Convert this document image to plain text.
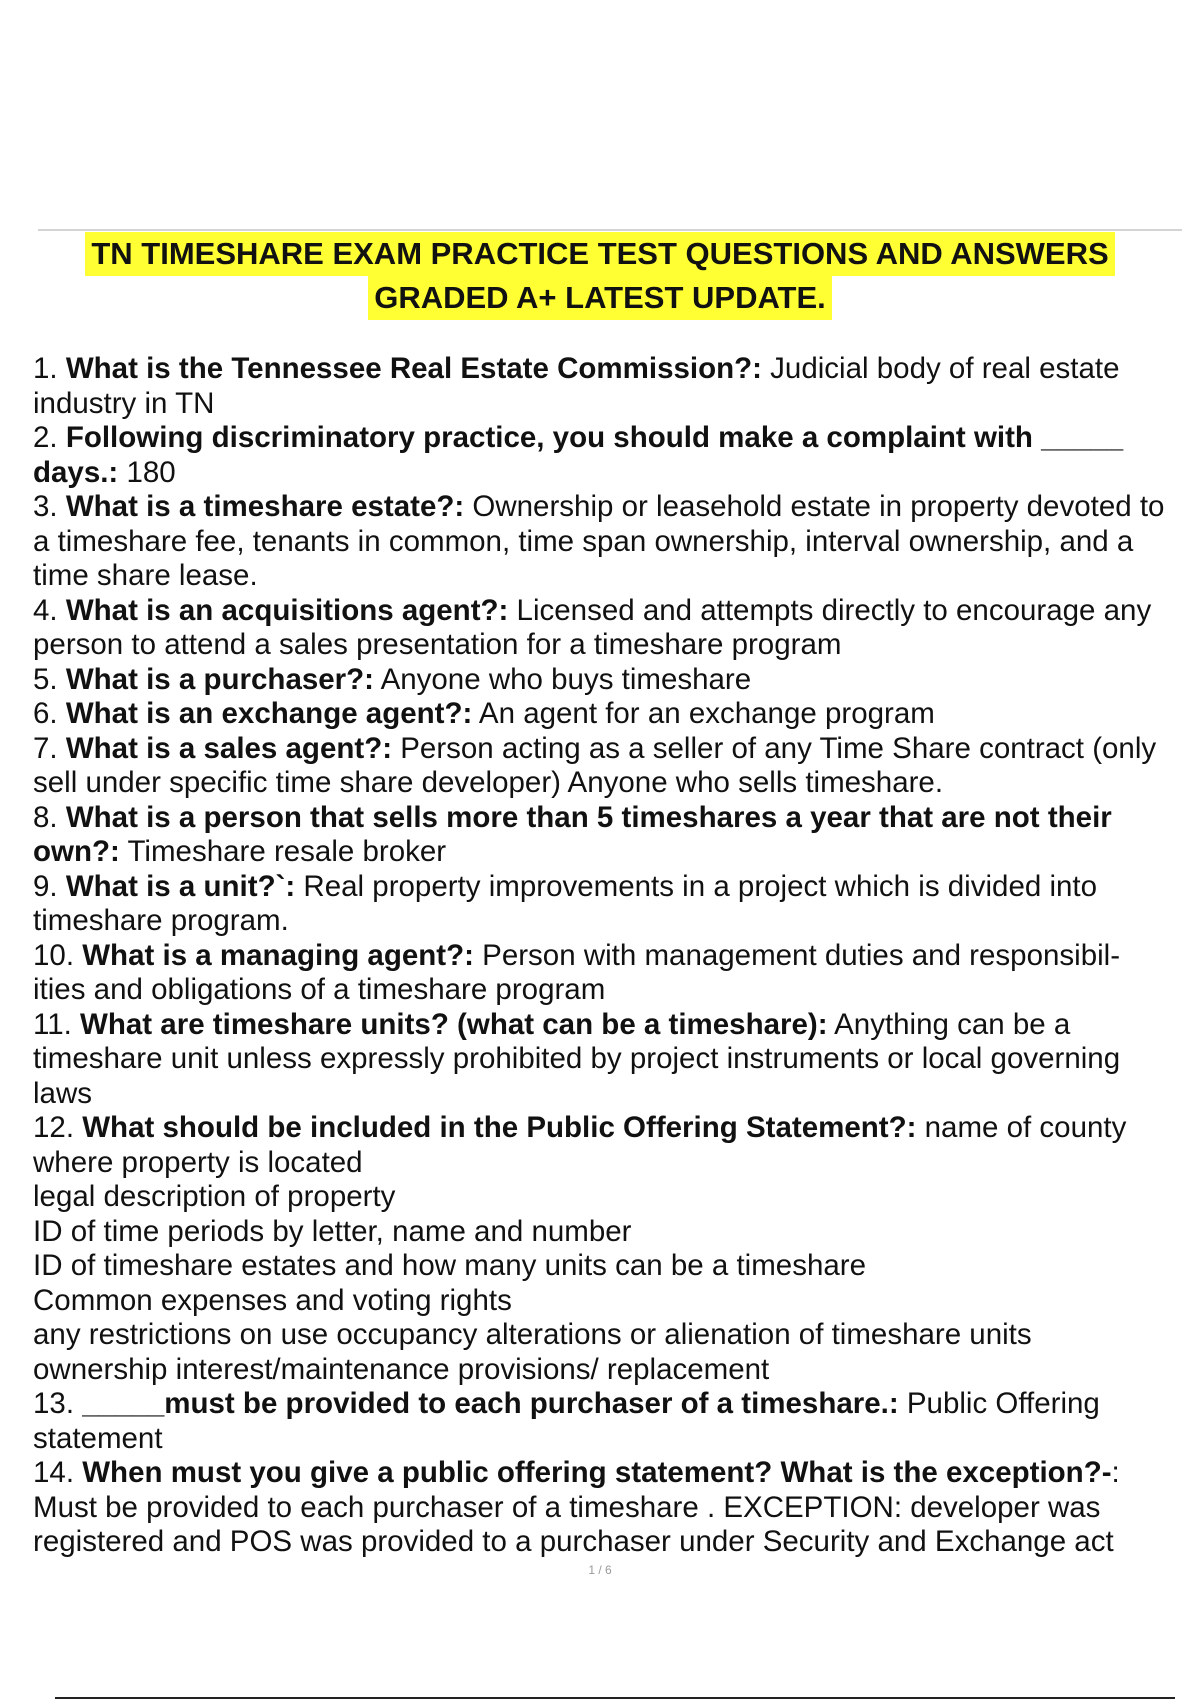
TN TIMESHARE EXAM PRACTICE TEST QUESTIONS AND ANSWERS
GRADED A+ LATEST UPDATE.

1. What is the Tennessee Real Estate Commission?: Judicial body of real estate industry in TN

2. Following discriminatory practice, you should make a complaint with _____ days.: 180

3. What is a timeshare estate?: Ownership or leasehold estate in property devoted to a timeshare fee, tenants in common, time span ownership, interval ownership, and a time share lease.

4. What is an acquisitions agent?: Licensed and attempts directly to encourage any person to attend a sales presentation for a timeshare program

5. What is a purchaser?: Anyone who buys timeshare

6. What is an exchange agent?: An agent for an exchange program

7. What is a sales agent?: Person acting as a seller of any Time Share contract (only sell under specific time share developer) Anyone who sells timeshare.

8. What is a person that sells more than 5 timeshares a year that are not their own?: Timeshare resale broker

9. What is a unit?`: Real property improvements in a project which is divided into timeshare program.

10. What is a managing agent?: Person with management duties and responsibil- ities and obligations of a timeshare program

11. What are timeshare units? (what can be a timeshare): Anything can be a timeshare unit unless expressly prohibited by project instruments or local governing laws

12. What should be included in the Public Offering Statement?: name of county where property is located

legal description of property

ID of time periods by letter, name and number

ID of timeshare estates and how many units can be a timeshare

Common expenses and voting rights

any restrictions on use occupancy alterations or alienation of timeshare units

ownership interest/maintenance provisions/ replacement

13. _____must be provided to each purchaser of a timeshare.: Public Offering statement

14. When must you give a public offering statement? What is the exception?-: Must be provided to each purchaser of a timeshare . EXCEPTION: developer was registered and POS was provided to a purchaser under Security and Exchange act

1 / 6
